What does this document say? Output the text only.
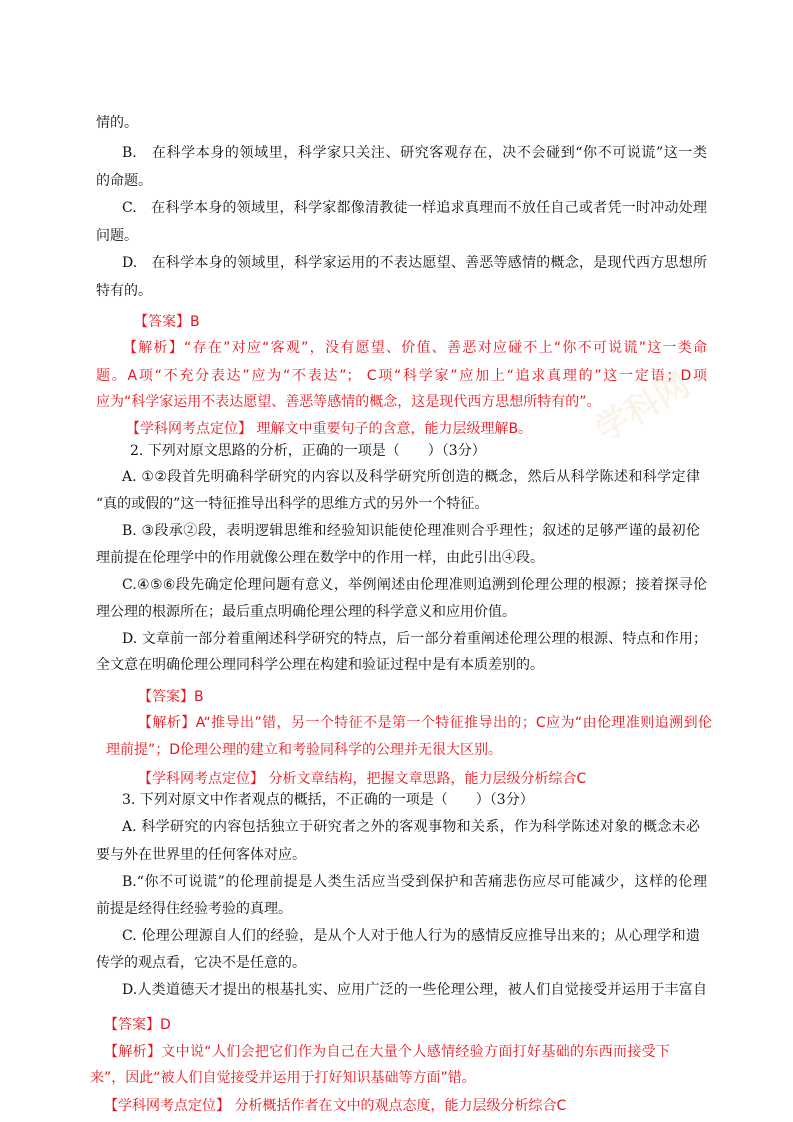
情的。
B.　在科学本身的领域里，科学家只关注、研究客观存在，决不会碰到“你不可说谎”这一类
的命题。
C.　在科学本身的领域里，科学家都像清教徒一样追求真理而不放任自己或者凭一时冲动处理
问题。
D.　在科学本身的领域里，科学家运用的不表达愿望、善恶等感情的概念，是现代西方思想所
特有的。
【答案】B
【解析】“存在”对应“客观”，没有愿望、价值、善恶对应碰不上“你不可说谎”这一类命
题。A项“不充分表达”应为“不表达”； C项“科学家”应加上“追求真理的”这一定语；D项
应为“科学家运用不表达愿望、善恶等感情的概念，这是现代西方思想所特有的”。
【学科网考点定位】 理解文中重要句子的含意，能力层级理解B。
2. 下列对原文思路的分析，正确的一项是（　　）（3分）
A. ①②段首先明确科学研究的内容以及科学研究所创造的概念，然后从科学陈述和科学定律
“真的或假的”这一特征推导出科学的思维方式的另外一个特征。
B. ③段承②段，表明逻辑思维和经验知识能使伦理准则合乎理性；叙述的足够严谨的最初伦
理前提在伦理学中的作用就像公理在数学中的作用一样，由此引出④段。
C.④⑤⑥段先确定伦理问题有意义，举例阐述由伦理准则追溯到伦理公理的根源；接着探寻伦
理公理的根源所在；最后重点明确伦理公理的科学意义和应用价值。
D. 文章前一部分着重阐述科学研究的特点，后一部分着重阐述伦理公理的根源、特点和作用；
全文意在明确伦理公理同科学公理在构建和验证过程中是有本质差别的。
【答案】B
【解析】A“推导出”错，另一个特征不是第一个特征推导出的；C应为“由伦理准则追溯到伦
理前提”；D伦理公理的建立和考验同科学的公理并无很大区别。
【学科网考点定位】 分析文章结构，把握文章思路，能力层级分析综合C
3. 下列对原文中作者观点的概括，不正确的一项是（　　）（3分）
A. 科学研究的内容包括独立于研究者之外的客观事物和关系，作为科学陈述对象的概念未必
要与外在世界里的任何客体对应。
B.“你不可说谎”的伦理前提是人类生活应当受到保护和苦痛悲伤应尽可能减少，这样的伦理
前提是经得住经验考验的真理。
C. 伦理公理源自人们的经验，是从个人对于他人行为的感情反应推导出来的；从心理学和遗
传学的观点看，它决不是任意的。
D.人类道德天才提出的根基扎实、应用广泛的一些伦理公理，被人们自觉接受并运用于丰富自
【答案】D
【解析】文中说“人们会把它们作为自己在大量个人感情经验方面打好基础的东西而接受下
来”，因此“被人们自觉接受并运用于打好知识基础等方面”错。
【学科网考点定位】 分析概括作者在文中的观点态度，能力层级分析综合C
学科网
